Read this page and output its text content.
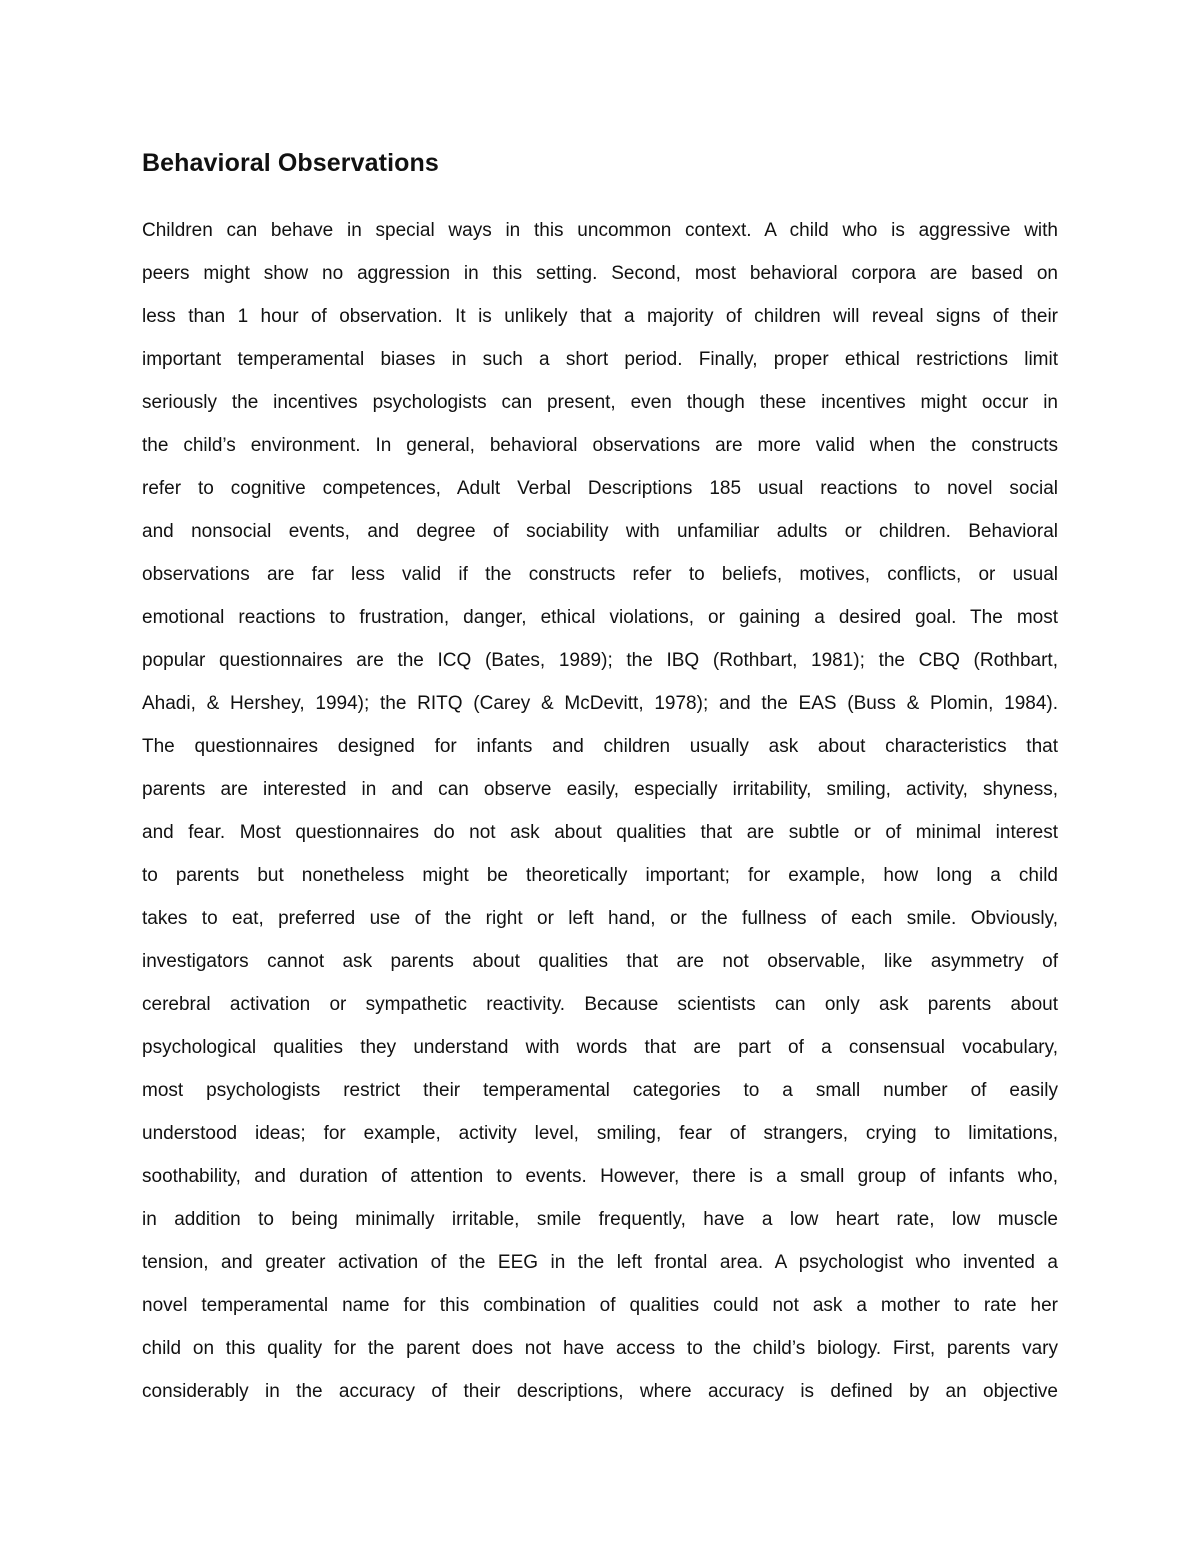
Behavioral Observations
Children can behave in special ways in this uncommon context. A child who is aggressive with
peers might show no aggression in this setting. Second, most behavioral corpora are based on
less than 1 hour of observation. It is unlikely that a majority of children will reveal signs of their
important temperamental biases in such a short period. Finally, proper ethical restrictions limit
seriously the incentives psychologists can present, even though these incentives might occur in
the child’s environment. In general, behavioral observations are more valid when the constructs
refer to cognitive competences, Adult Verbal Descriptions 185 usual reactions to novel social
and nonsocial events, and degree of sociability with unfamiliar adults or children. Behavioral
observations are far less valid if the constructs refer to beliefs, motives, conflicts, or usual
emotional reactions to frustration, danger, ethical violations, or gaining a desired goal. The most
popular questionnaires are the ICQ (Bates, 1989); the IBQ (Rothbart, 1981); the CBQ (Rothbart,
Ahadi, & Hershey, 1994); the RITQ (Carey & McDevitt, 1978); and the EAS (Buss & Plomin, 1984).
The questionnaires designed for infants and children usually ask about characteristics that
parents are interested in and can observe easily, especially irritability, smiling, activity, shyness,
and fear. Most questionnaires do not ask about qualities that are subtle or of minimal interest
to parents but nonetheless might be theoretically important; for example, how long a child
takes to eat, preferred use of the right or left hand, or the fullness of each smile. Obviously,
investigators cannot ask parents about qualities that are not observable, like asymmetry of
cerebral activation or sympathetic reactivity. Because scientists can only ask parents about
psychological qualities they understand with words that are part of a consensual vocabulary,
most psychologists restrict their temperamental categories to a small number of easily
understood ideas; for example, activity level, smiling, fear of strangers, crying to limitations,
soothability, and duration of attention to events. However, there is a small group of infants who,
in addition to being minimally irritable, smile frequently, have a low heart rate, low muscle
tension, and greater activation of the EEG in the left frontal area. A psychologist who invented a
novel temperamental name for this combination of qualities could not ask a mother to rate her
child on this quality for the parent does not have access to the child’s biology. First, parents vary
considerably in the accuracy of their descriptions, where accuracy is defined by an objective
